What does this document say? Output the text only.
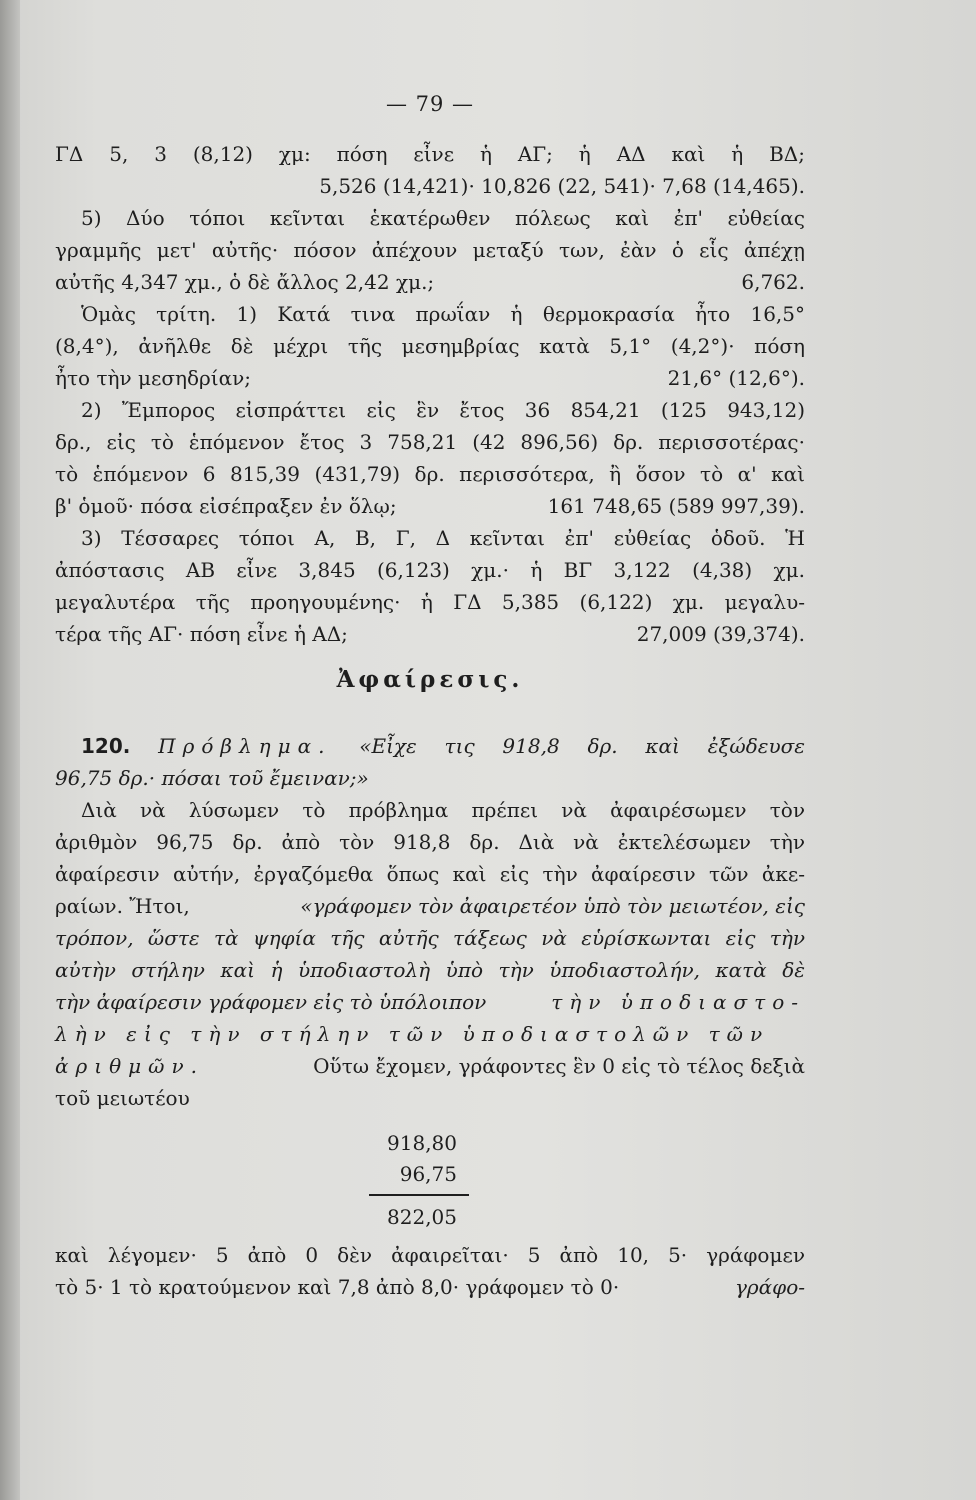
— 79 —

ΓΔ 5, 3 (8,12) χμ: πόση εἶνε ἡ ΑΓ; ἡ ΑΔ καὶ ἡ ΒΔ;
5,526 (14,421)· 10,826 (22, 541)· 7,68 (14,465).

5) Δύο τόποι κεῖνται ἑκατέρωθεν πόλεως καὶ ἐπ' εὐθείας
γραμμῆς μετ' αὐτῆς· πόσον ἀπέχουν μεταξύ των, ἐὰν ὁ εἷς ἀπέχῃ
αὐτῆς 4,347 χμ., ὁ δὲ ἄλλος 2,42 χμ.;	6,762.

Ὁμὰς τρίτη. 1) Κατά τινα πρωΐαν ἡ θερμοκρασία ἦτο 16,5°
(8,4°), ἀνῆλθε δὲ μέχρι τῆς μεσημβρίας κατὰ 5,1° (4,2°)· πόση
ἦτο τὴν μεσηδρίαν;	21,6° (12,6°).

2) Ἔμπορος εἰσπράττει εἰς ἓν ἔτος 36 854,21 (125 943,12)
δρ., εἰς τὸ ἑπόμενον ἔτος 3 758,21 (42 896,56) δρ. περισσοτέρας·
τὸ ἑπόμενον 6 815,39 (431,79) δρ. περισσότερα, ἢ ὅσον τὸ α' καὶ
β' ὁμοῦ· πόσα εἰσέπραξεν ἐν ὅλῳ;	161 748,65 (589 997,39).

3) Τέσσαρες τόποι Α, Β, Γ, Δ κεῖνται ἐπ' εὐθείας ὁδοῦ. Ἡ
ἀπόστασις ΑΒ εἶνε 3,845 (6,123) χμ.· ἡ ΒΓ 3,122 (4,38) χμ.
μεγαλυτέρα τῆς προηγουμένης· ἡ ΓΔ 5,385 (6,122) χμ. μεγαλυ-
τέρα τῆς ΑΓ· πόση εἶνε ἡ ΑΔ;	27,009 (39,374).

Ἀφαίρεσις.

120. Πρόβλημα. «Εἶχε τις 918,8 δρ. καὶ ἐξώδευσε
96,75 δρ.· πόσαι τοῦ ἔμειναν;»

Διὰ νὰ λύσωμεν τὸ πρόβλημα πρέπει νὰ ἀφαιρέσωμεν τὸν
ἀριθμὸν 96,75 δρ. ἀπὸ τὸν 918,8 δρ. Διὰ νὰ ἐκτελέσωμεν τὴν
ἀφαίρεσιν αὐτήν, ἐργαζόμεθα ὅπως καὶ εἰς τὴν ἀφαίρεσιν τῶν ἀκε-
ραίων. Ἤτοι,	«γράφομεν τὸν ἀφαιρετέον ὑπὸ τὸν μειωτέον, εἰς
τρόπον, ὥστε τὰ ψηφία τῆς αὐτῆς τάξεως νὰ εὑρίσκωνται εἰς τὴν
αὐτὴν στήλην καὶ ἡ ὑποδιαστολὴ ὑπὸ τὴν ὑποδιαστολήν, κατὰ δὲ
τὴν ἀφαίρεσιν γράφομεν εἰς τὸ ὑπόλοιπον	τὴν ὑποδιαστο-
λὴν εἰς τὴν στήλην τῶν ὑποδιαστολῶν τῶν
ἀριθμῶν.	Οὕτω ἔχομεν, γράφοντες ἓν 0 εἰς τὸ τέλος δεξιὰ
τοῦ μειωτέου

918,80
96,75
822,05

καὶ λέγομεν· 5 ἀπὸ 0 δὲν ἀφαιρεῖται· 5 ἀπὸ 10, 5· γράφομεν
τὸ 5· 1 τὸ κρατούμενον καὶ 7,8 ἀπὸ 8,0· γράφομεν τὸ 0·	γράφο-
